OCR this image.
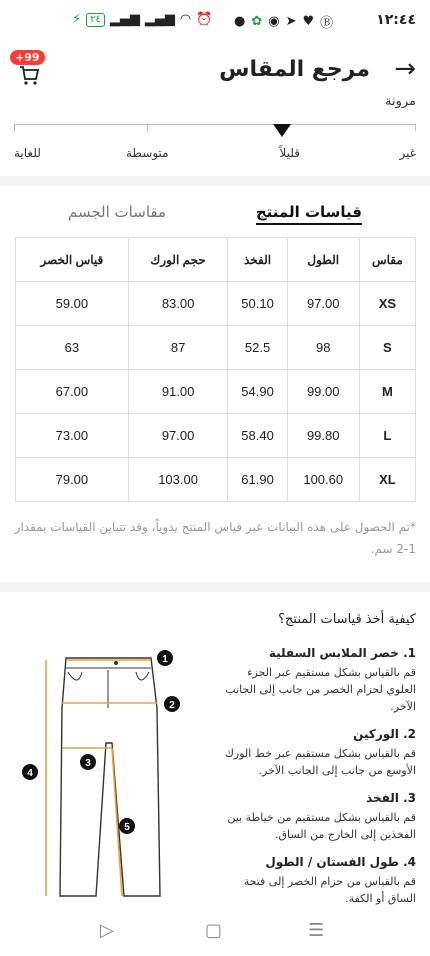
⚡ ٢٤ ▂▄▆ ▂▄▆ ◠ ⏰ ● ✿ ◉ ➤ ♥ Ⓑ	١٢:٤٤
→
مرجع المقاس
+99
مرونة
غير
قليلاً
متوسطة
للغاية
قياسات المنتج
مقاسات الجسم
مقاس	الطول	الفخذ	حجم الورك	قياس الخصر
XS	97.00	50.10	83.00	59.00
S	98	52.5	87	63
M	99.00	54.90	91.00	67.00
L	99.80	58.40	97.00	73.00
XL	100.60	61.90	103.00	79.00

*تم الحصول على هذه البيانات عبر قياس المنتج يدوياً، وقد تتباين القياسات بمقدار 1-2 سم.

كيفية أخذ قياسات المنتج؟
1. خصر الملابس السفلية
قم بالقياس بشكل مستقيم عبر الجزء العلوي لحزام الخصر من جانب إلى الجانب الآخر.
2. الوركين
قم بالقياس بشكل مستقيم عبر خط الورك الأوسع من جانب إلى الجانب الآخر.
3. الفخذ
قم بالقياس بشكل مستقيم من خياطة بين الفخذين إلى الخارج من الساق.
4. طول الفستان / الطول
قم بالقياس من حزام الخصر إلى فتحة الساق أو الكفة.
1
2
3
4
5
▷	▢	☰
